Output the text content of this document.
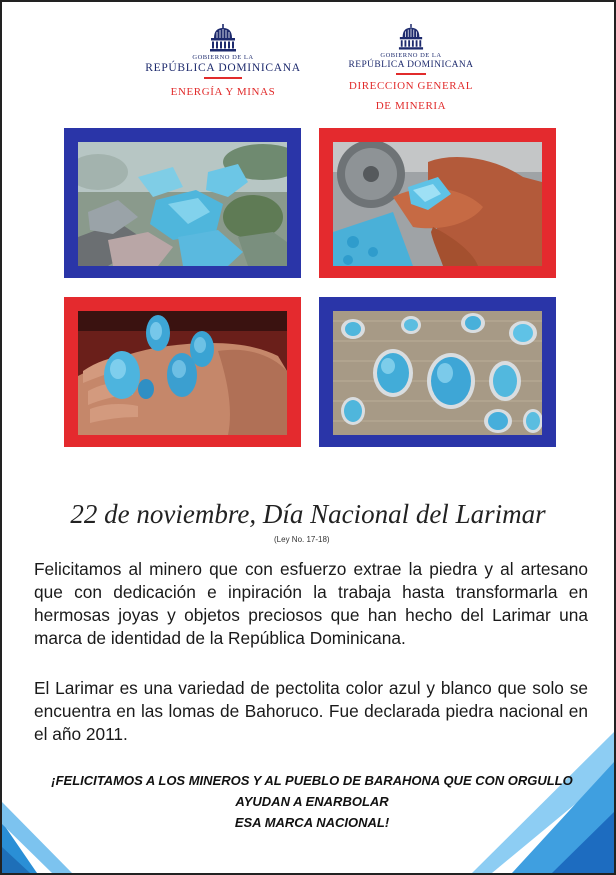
GOBIERNO DE LA
REPÚBLICA DOMINICANA
ENERGÍA Y MINAS
GOBIERNO DE LA
REPÚBLICA DOMINICANA
DIRECCION GENERAL
DE MINERIA
22 de noviembre, Día Nacional del Larimar
(Ley No. 17-18)

Felicitamos al minero que con esfuerzo extrae la piedra y al artesano que con dedicación e inpiración la trabaja hasta transformarla en hermosas joyas y objetos preciosos que han hecho del Larimar una marca de identidad de la República Dominicana.

El Larimar es una variedad de pectolita color azul y blanco que solo se encuentra en las lomas de Bahoruco. Fue declarada piedra nacional en el año 2011.

¡FELICITAMOS A LOS MINEROS Y AL PUEBLO DE BARAHONA QUE CON ORGULLO
AYUDAN A ENARBOLAR
ESA MARCA NACIONAL!
